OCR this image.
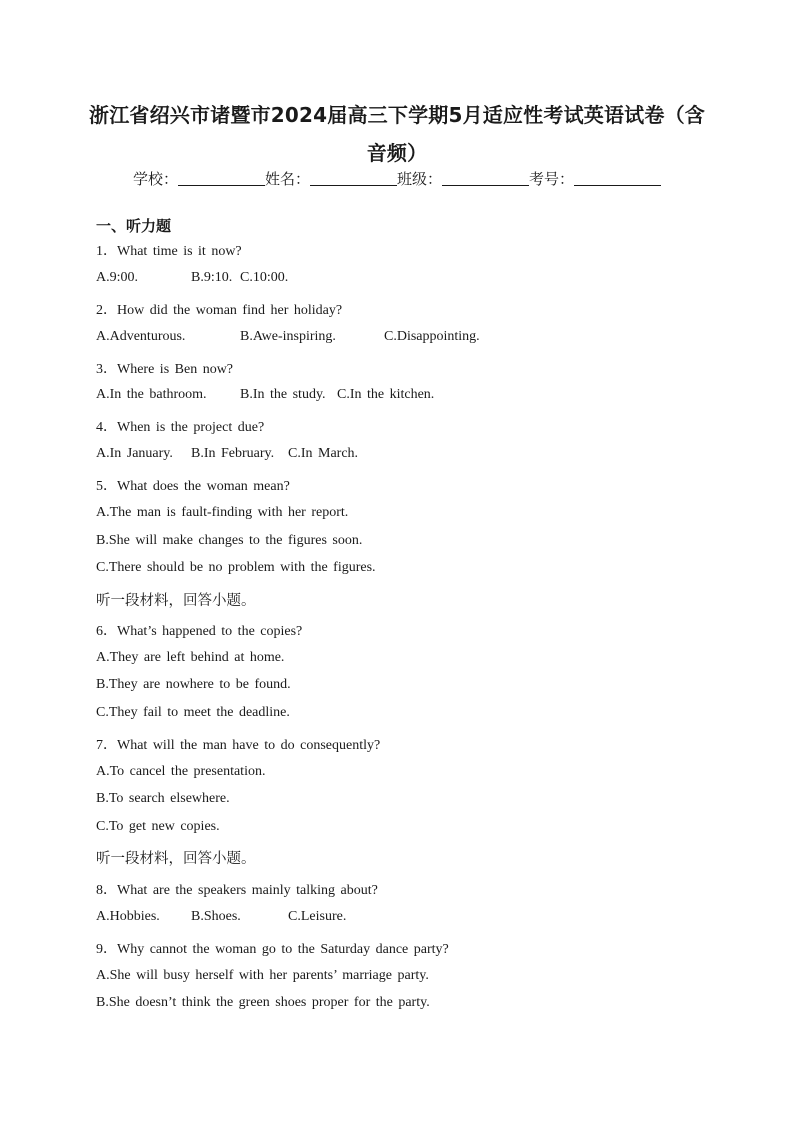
浙江省绍兴市诸暨市2024届高三下学期5月适应性考试英语试卷（含
音频）
学校：	姓名：	班级：	考号：
一、听力题
1．What time is it now?
A.9:00.	B.9:10. C.10:00.
2．How did the woman find her holiday?
A.Adventurous.	B.Awe-inspiring.	C.Disappointing.
3．Where is Ben now?
A.In the bathroom. B.In the study. C.In the kitchen.
4．When is the project due?
A.In January. B.In February. C.In March.
5．What does the woman mean?
A.The man is fault-finding with her report.
B.She will make changes to the figures soon.
C.There should be no problem with the figures.
听一段材料，回答小题。
6．What’s happened to the copies?
A.They are left behind at home.
B.They are nowhere to be found.
C.They fail to meet the deadline.
7．What will the man have to do consequently?
A.To cancel the presentation.
B.To search elsewhere.
C.To get new copies.
听一段材料，回答小题。
8．What are the speakers mainly talking about?
A.Hobbies. B.Shoes.	C.Leisure.
9．Why cannot the woman go to the Saturday dance party?
A.She will busy herself with her parents’ marriage party.
B.She doesn’t think the green shoes proper for the party.
